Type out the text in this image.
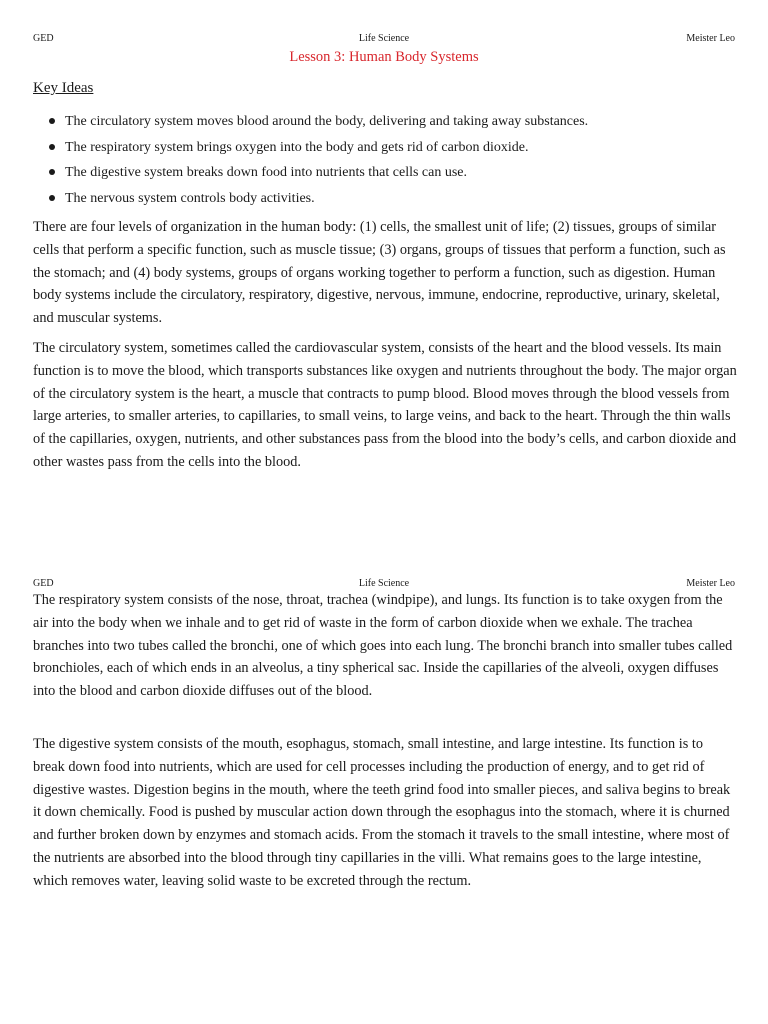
GED	Life Science	Meister Leo
Lesson 3: Human Body Systems
Key Ideas
The circulatory system moves blood around the body, delivering and taking away substances.
The respiratory system brings oxygen into the body and gets rid of carbon dioxide.
The digestive system breaks down food into nutrients that cells can use.
The nervous system controls body activities.

There are four levels of organization in the human body: (1) cells, the smallest unit of life; (2) tissues, groups of similar cells that perform a specific function, such as muscle tissue; (3) organs, groups of tissues that perform a function, such as the stomach; and (4) body systems, groups of organs working together to perform a function, such as digestion. Human body systems include the circulatory, respiratory, digestive, nervous, immune, endocrine, reproductive, urinary, skeletal, and muscular systems.

The circulatory system, sometimes called the cardiovascular system, consists of the heart and the blood vessels. Its main function is to move the blood, which transports substances like oxygen and nutrients throughout the body. The major organ of the circulatory system is the heart, a muscle that contracts to pump blood. Blood moves through the blood vessels from large arteries, to smaller arteries, to capillaries, to small veins, to large veins, and back to the heart. Through the thin walls of the capillaries, oxygen, nutrients, and other substances pass from the blood into the body’s cells, and carbon dioxide and other wastes pass from the cells into the blood.

GED	Life Science	Meister Leo

The respiratory system consists of the nose, throat, trachea (windpipe), and lungs. Its function is to take oxygen from the air into the body when we inhale and to get rid of waste in the form of carbon dioxide when we exhale. The trachea branches into two tubes called the bronchi, one of which goes into each lung. The bronchi branch into smaller tubes called bronchioles, each of which ends in an alveolus, a tiny spherical sac. Inside the capillaries of the alveoli, oxygen diffuses into the blood and carbon dioxide diffuses out of the blood.

The digestive system consists of the mouth, esophagus, stomach, small intestine, and large intestine. Its function is to break down food into nutrients, which are used for cell processes including the production of energy, and to get rid of digestive wastes. Digestion begins in the mouth, where the teeth grind food into smaller pieces, and saliva begins to break it down chemically. Food is pushed by muscular action down through the esophagus into the stomach, where it is churned and further broken down by enzymes and stomach acids. From the stomach it travels to the small intestine, where most of the nutrients are absorbed into the blood through tiny capillaries in the villi. What remains goes to the large intestine, which removes water, leaving solid waste to be excreted through the rectum.
